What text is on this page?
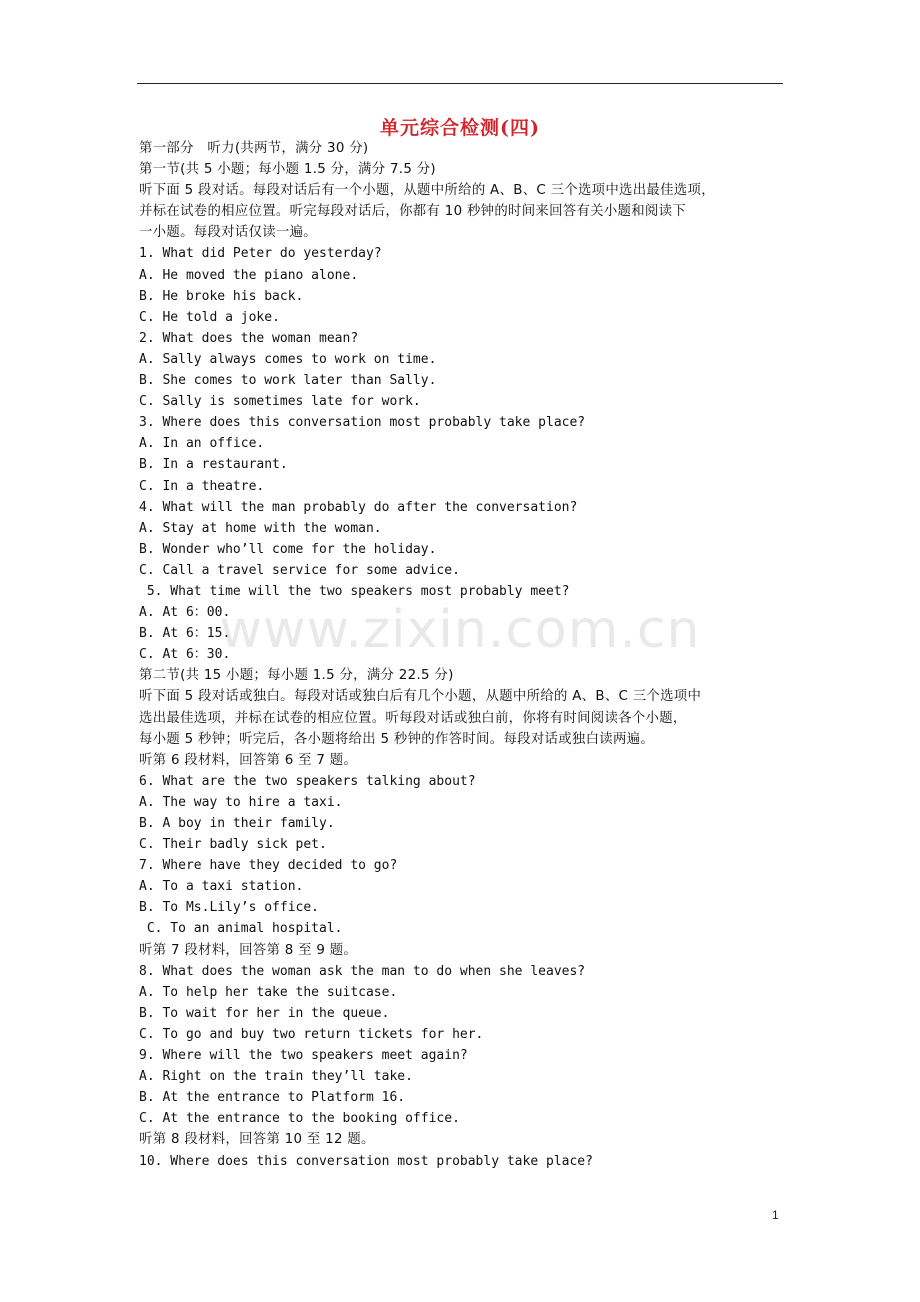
单元综合检测(四)
第一部分   听力(共两节，满分 30 分)
第一节(共 5 小题；每小题 1.5 分，满分 7.5 分)
听下面 5 段对话。每段对话后有一个小题，从题中所给的 A、B、C 三个选项中选出最佳选项，
并标在试卷的相应位置。听完每段对话后，你都有 10 秒钟的时间来回答有关小题和阅读下
一小题。每段对话仅读一遍。
1. What did Peter do yesterday?
A. He moved the piano alone.
B. He broke his back.
C. He told a joke.
2. What does the woman mean?
A. Sally always comes to work on time.
B. She comes to work later than Sally.
C. Sally is sometimes late for work.
3. Where does this conversation most probably take place?
A. In an office.
B. In a restaurant.
C. In a theatre.
4. What will the man probably do after the conversation?
A. Stay at home with the woman.
B. Wonder who’ll come for the holiday.
C. Call a travel service for some advice.
5. What time will the two speakers most probably meet?
A. At 6：00.
B. At 6：15.
C. At 6：30.
第二节(共 15 小题；每小题 1.5 分，满分 22.5 分)
听下面 5 段对话或独白。每段对话或独白后有几个小题，从题中所给的 A、B、C 三个选项中
选出最佳选项，并标在试卷的相应位置。听每段对话或独白前，你将有时间阅读各个小题，
每小题 5 秒钟；听完后，各小题将给出 5 秒钟的作答时间。每段对话或独白读两遍。
听第 6 段材料，回答第 6 至 7 题。
6. What are the two speakers talking about?
A. The way to hire a taxi.
B. A boy in their family.
C. Their badly sick pet.
7. Where have they decided to go?
A. To a taxi station.
B. To Ms.Lily’s office.
C. To an animal hospital.
听第 7 段材料，回答第 8 至 9 题。
8. What does the woman ask the man to do when she leaves?
A. To help her take the suitcase.
B. To wait for her in the queue.
C. To go and buy two return tickets for her.
9. Where will the two speakers meet again?
A. Right on the train they’ll take.
B. At the entrance to Platform 16.
C. At the entrance to the booking office.
听第 8 段材料，回答第 10 至 12 题。
10. Where does this conversation most probably take place?
www.zixin.com.cn
1
